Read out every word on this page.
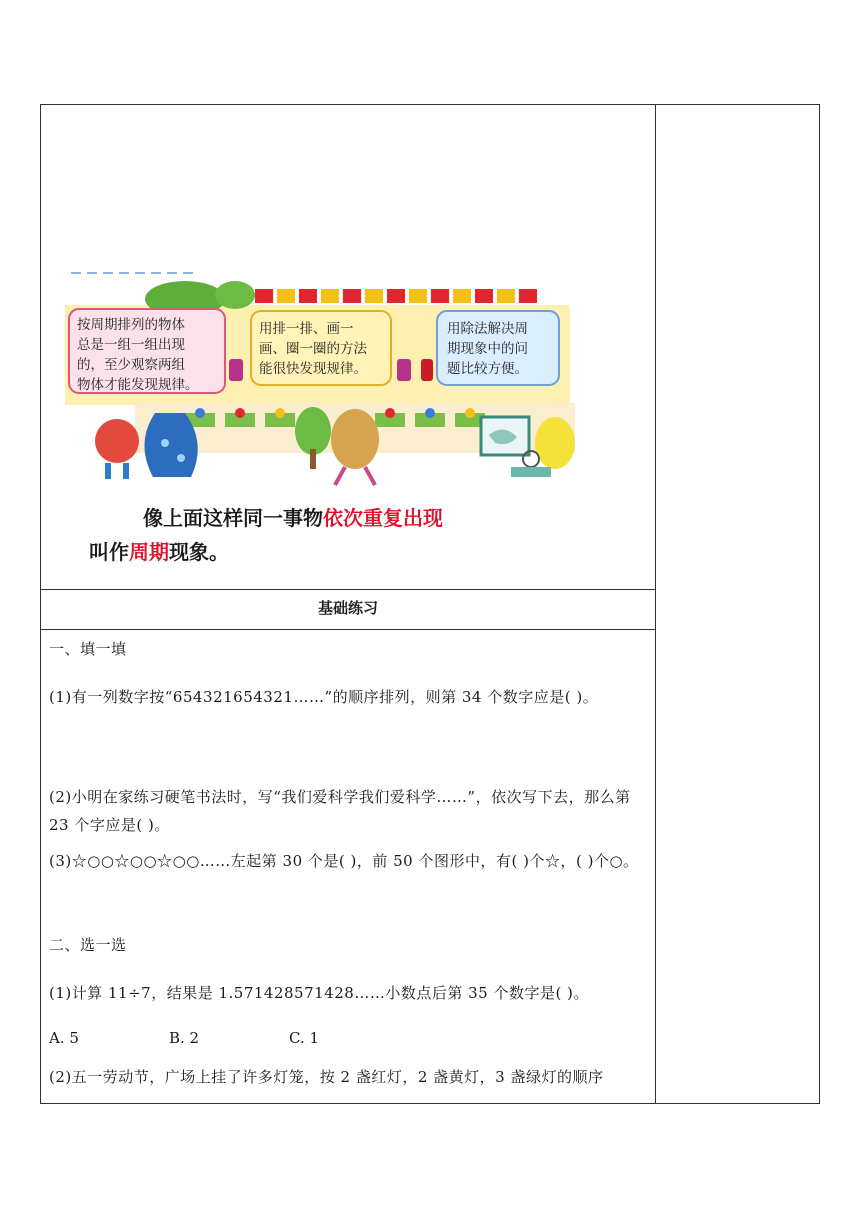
按周期排列的物体 总是一组一组出现 的，至少观察两组 物体才能发现规律。
用排一排、画一 画、圈一圈的方法 能很快发现规律。
用除法解决周 期现象中的问 题比较方便。
像上面这样同一事物依次重复出现
叫作周期现象。
基础练习
一、填一填
(1)有一列数字按“654321654321……”的顺序排列，则第 34 个数字应是( )。
(2)小明在家练习硬笔书法时，写“我们爱科学我们爱科学……”，依次写下去，那么第 23 个字应是( )。
(3)☆○○☆○○☆○○……左起第 30 个是( )，前 50 个图形中，有( )个☆，( )个○。
二、选一选
(1)计算 11÷7，结果是 1.571428571428……小数点后第 35 个数字是( )。
A. 5	B. 2	C. 1
(2)五一劳动节，广场上挂了许多灯笼，按 2 盏红灯，2 盏黄灯，3 盏绿灯的顺序
